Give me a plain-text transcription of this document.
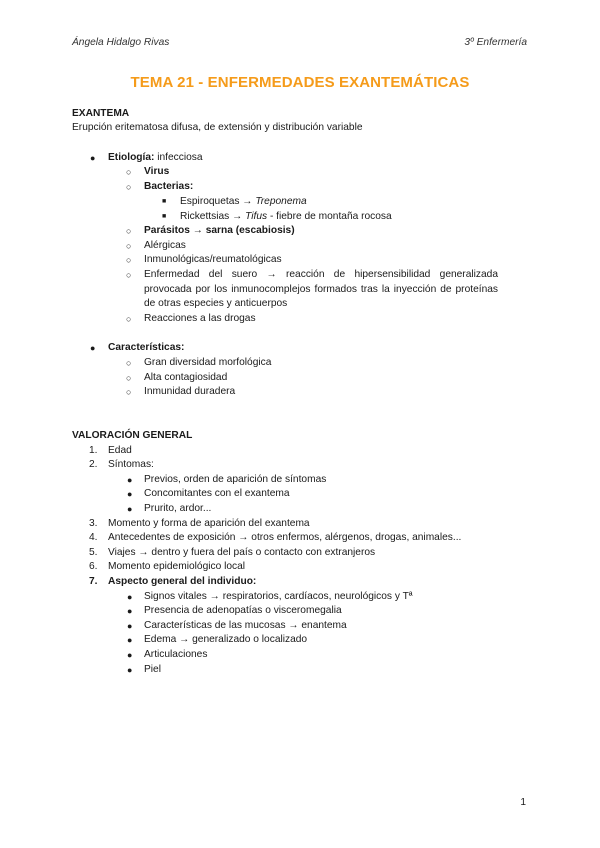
Ángela Hidalgo Rivas	3º Enfermería
TEMA 21 - ENFERMEDADES EXANTEMÁTICAS
EXANTEMA
Erupción eritematosa difusa, de extensión y distribución variable
● Etiología: infecciosa
○ Virus
○ Bacterias:
■ Espiroquetas → Treponema
■ Rickettsias → Tifus - fiebre de montaña rocosa
○ Parásitos → sarna (escabiosis)
○ Alérgicas
○ Inmunológicas/reumatológicas
○ Enfermedad del suero → reacción de hipersensibilidad generalizada
provocada por los inmunocomplejos formados tras la inyección de proteínas
de otras especies y anticuerpos
○ Reacciones a las drogas
● Características:
○ Gran diversidad morfológica
○ Alta contagiosidad
○ Inmunidad duradera
VALORACIÓN GENERAL
1. Edad
2. Síntomas:
● Previos, orden de aparición de síntomas
● Concomitantes con el exantema
● Prurito, ardor...
3. Momento y forma de aparición del exantema
4. Antecedentes de exposición → otros enfermos, alérgenos, drogas, animales...
5. Viajes → dentro y fuera del país o contacto con extranjeros
6. Momento epidemiológico local
7. Aspecto general del individuo:
● Signos vitales → respiratorios, cardíacos, neurológicos y Tª
● Presencia de adenopatías o visceromegalia
● Características de las mucosas → enantema
● Edema → generalizado o localizado
● Articulaciones
● Piel
1
